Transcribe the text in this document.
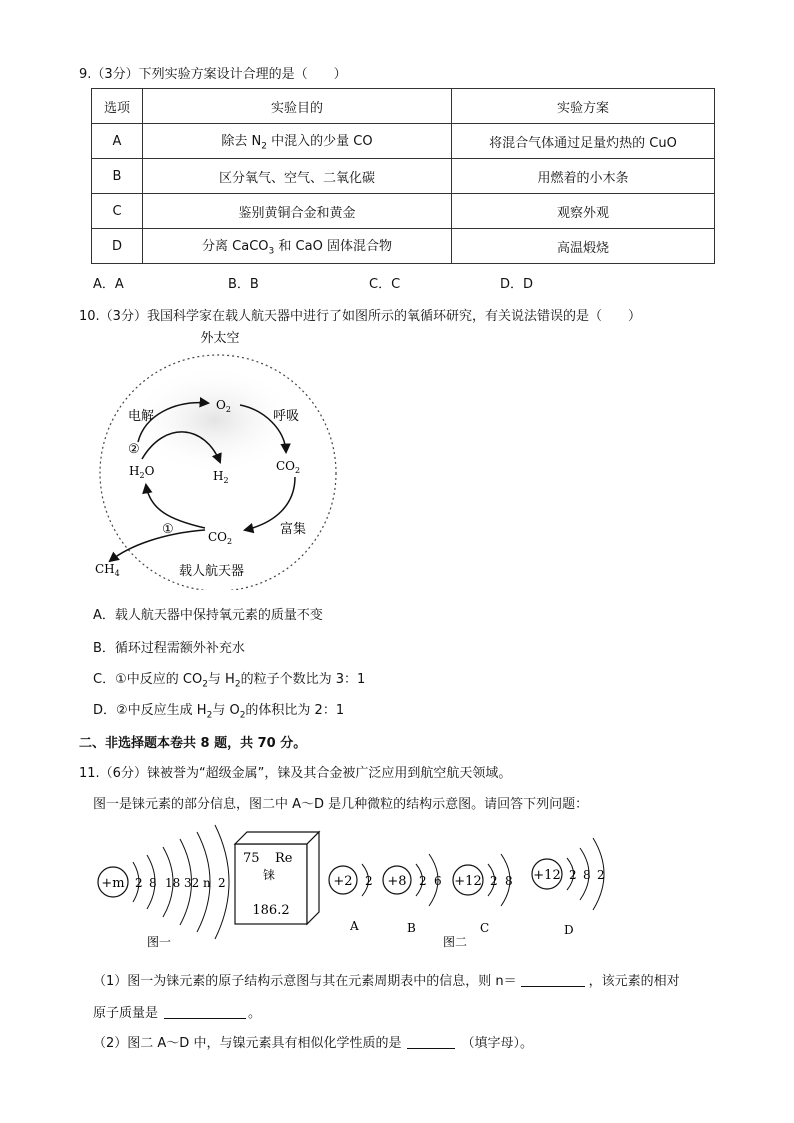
9.（3分）下列实验方案设计合理的是（　　）
选项	实验目的	实验方案
A	除去 $N_2$ 中混入的少量 CO	将混合气体通过足量灼热的 CuO
B	区分氧气、空气、二氧化碳	用燃着的小木条
C	鉴别黄铜合金和黄金	观察外观
D	分离 CaCO$_3$ 和 CaO 固体混合物	高温煅烧
A．A	B．B	C．C	D．D
10.（3分）我国科学家在载人航天器中进行了如图所示的氧循环研究，有关说法错误的是（　　）
外太空
电解	呼吸
②
$O_2$
$H_2O$	$H_2$
$CO_2$
富集
①	$CO_2$
$CH_4$	载人航天器
A．载人航天器中保持氧元素的质量不变
B．循环过程需额外补充水
C．①中反应的 $CO_2$与 $H_2$的粒子个数比为 3：1
D．②中反应生成 $H_2$与 $O_2$的体积比为 2：1
二、非选择题本卷共 8 题，共 70 分。
11.（6分）铼被誉为“超级金属”，铼及其合金被广泛应用到航空航天领域。
图一是铼元素的部分信息，图二中 A～D 是几种微粒的结构示意图。请回答下列问题：
+m 2 8 18 32 n 2
图一
75 Re
铼
186.2
+2 2
A
+8 2 6
B
+12 2 8
C
图二
+12 2 8 2
D
（1）图一为铼元素的原子结构示意图与其在元素周期表中的信息，则 n＝	，该元素的相对
原子质量是	。
（2）图二 A～D 中，与镍元素具有相似化学性质的是	（填字母）。
